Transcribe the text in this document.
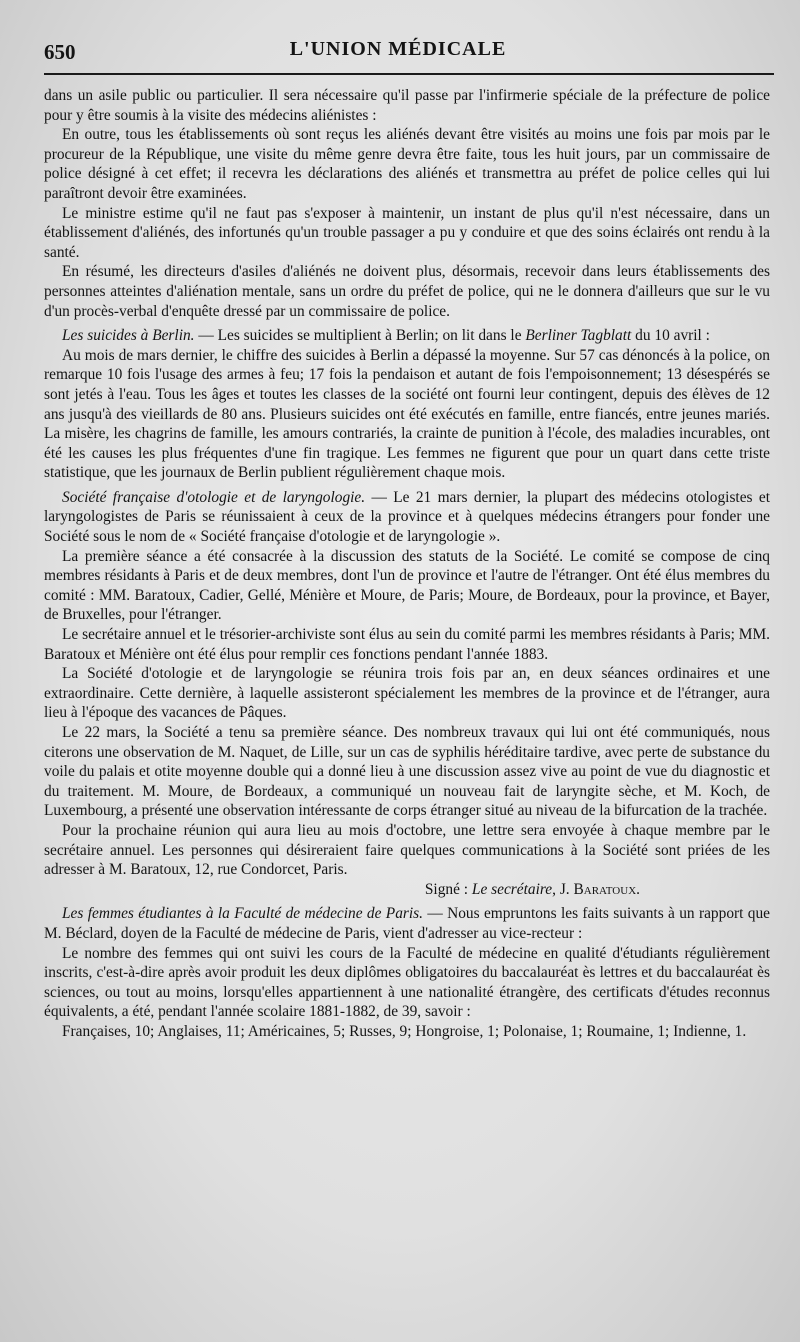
650	L'UNION MÉDICALE

dans un asile public ou particulier. Il sera nécessaire qu'il passe par l'infirmerie spéciale de la préfecture de police pour y être soumis à la visite des médecins aliénistes :

En outre, tous les établissements où sont reçus les aliénés devant être visités au moins une fois par mois par le procureur de la République, une visite du même genre devra être faite, tous les huit jours, par un commissaire de police désigné à cet effet; il recevra les déclarations des aliénés et transmettra au préfet de police celles qui lui paraîtront devoir être examinées.

Le ministre estime qu'il ne faut pas s'exposer à maintenir, un instant de plus qu'il n'est nécessaire, dans un établissement d'aliénés, des infortunés qu'un trouble passager a pu y conduire et que des soins éclairés ont rendu à la santé.

En résumé, les directeurs d'asiles d'aliénés ne doivent plus, désormais, recevoir dans leurs établissements des personnes atteintes d'aliénation mentale, sans un ordre du préfet de police, qui ne le donnera d'ailleurs que sur le vu d'un procès-verbal d'enquête dressé par un commissaire de police.

Les suicides à Berlin. — Les suicides se multiplient à Berlin; on lit dans le Berliner Tagblatt du 10 avril :

Au mois de mars dernier, le chiffre des suicides à Berlin a dépassé la moyenne. Sur 57 cas dénoncés à la police, on remarque 10 fois l'usage des armes à feu; 17 fois la pendaison et autant de fois l'empoisonnement; 13 désespérés se sont jetés à l'eau. Tous les âges et toutes les classes de la société ont fourni leur contingent, depuis des élèves de 12 ans jusqu'à des vieillards de 80 ans. Plusieurs suicides ont été exécutés en famille, entre fiancés, entre jeunes mariés. La misère, les chagrins de famille, les amours contrariés, la crainte de punition à l'école, des maladies incurables, ont été les causes les plus fréquentes d'une fin tragique. Les femmes ne figurent que pour un quart dans cette triste statistique, que les journaux de Berlin publient régulièrement chaque mois.

Société française d'otologie et de laryngologie. — Le 21 mars dernier, la plupart des médecins otologistes et laryngologistes de Paris se réunissaient à ceux de la province et à quelques médecins étrangers pour fonder une Société sous le nom de « Société française d'otologie et de laryngologie ».

La première séance a été consacrée à la discussion des statuts de la Société. Le comité se compose de cinq membres résidants à Paris et de deux membres, dont l'un de province et l'autre de l'étranger. Ont été élus membres du comité : MM. Baratoux, Cadier, Gellé, Ménière et Moure, de Paris; Moure, de Bordeaux, pour la province, et Bayer, de Bruxelles, pour l'étranger.

Le secrétaire annuel et le trésorier-archiviste sont élus au sein du comité parmi les membres résidants à Paris; MM. Baratoux et Ménière ont été élus pour remplir ces fonctions pendant l'année 1883.

La Société d'otologie et de laryngologie se réunira trois fois par an, en deux séances ordinaires et une extraordinaire. Cette dernière, à laquelle assisteront spécialement les membres de la province et de l'étranger, aura lieu à l'époque des vacances de Pâques.

Le 22 mars, la Société a tenu sa première séance. Des nombreux travaux qui lui ont été communiqués, nous citerons une observation de M. Naquet, de Lille, sur un cas de syphilis héréditaire tardive, avec perte de substance du voile du palais et otite moyenne double qui a donné lieu à une discussion assez vive au point de vue du diagnostic et du traitement. M. Moure, de Bordeaux, a communiqué un nouveau fait de laryngite sèche, et M. Koch, de Luxembourg, a présenté une observation intéressante de corps étranger situé au niveau de la bifurcation de la trachée.

Pour la prochaine réunion qui aura lieu au mois d'octobre, une lettre sera envoyée à chaque membre par le secrétaire annuel. Les personnes qui désireraient faire quelques communications à la Société sont priées de les adresser à M. Baratoux, 12, rue Condorcet, Paris.

Signé : Le secrétaire, J. Baratoux.

Les femmes étudiantes à la Faculté de médecine de Paris. — Nous empruntons les faits suivants à un rapport que M. Béclard, doyen de la Faculté de médecine de Paris, vient d'adresser au vice-recteur :

Le nombre des femmes qui ont suivi les cours de la Faculté de médecine en qualité d'étudiants régulièrement inscrits, c'est-à-dire après avoir produit les deux diplômes obligatoires du baccalauréat ès lettres et du baccalauréat ès sciences, ou tout au moins, lorsqu'elles appartiennent à une nationalité étrangère, des certificats d'études reconnus équivalents, a été, pendant l'année scolaire 1881-1882, de 39, savoir :

Françaises, 10; Anglaises, 11; Américaines, 5; Russes, 9; Hongroise, 1; Polonaise, 1; Roumaine, 1; Indienne, 1.
